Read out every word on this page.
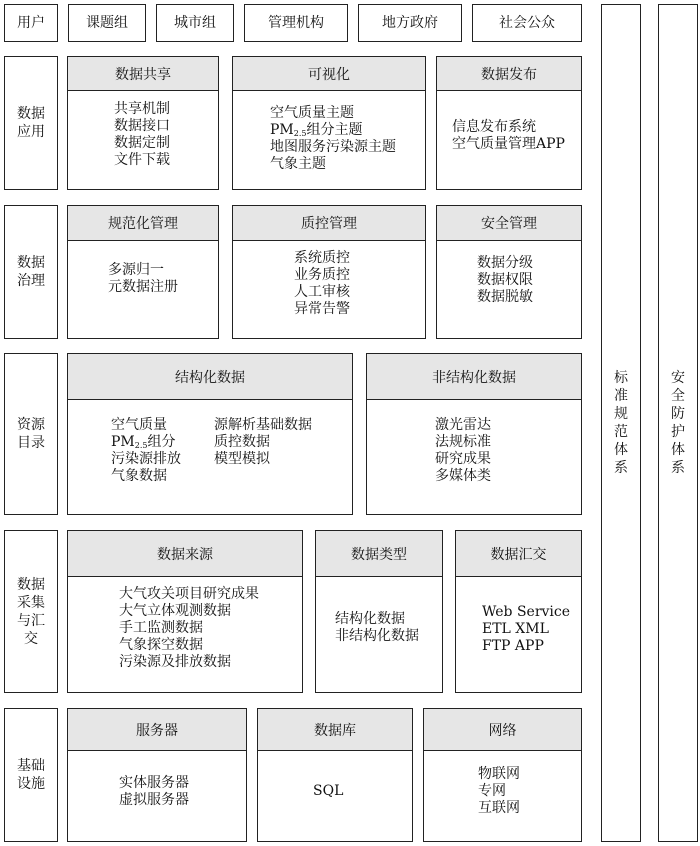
用户	课题组	城市组	管理机构	地方政府	社会公众
标
准
规
范
体
系
安
全
防
护
体
系
数据
应用
数据共享
共享机制
数据接口
数据定制
文件下载
可视化
空气质量主题
$PM_{2.5}$组分主题
地图服务污染源主题
气象主题
数据发布
信息发布系统
空气质量管理APP
数据
治理
规范化管理
多源归一
元数据注册
质控管理
系统质控
业务质控
人工审核
异常告警
安全管理
数据分级
数据权限
数据脱敏
资源
目录
结构化数据
空气质量
$PM_{2.5}$组分
污染源排放
气象数据
源解析基础数据
质控数据
模型模拟
非结构化数据
激光雷达
法规标准
研究成果
多媒体类
数据
采集
与汇
交
数据来源
大气攻关项目研究成果
大气立体观测数据
手工监测数据
气象探空数据
污染源及排放数据
数据类型
结构化数据
非结构化数据
数据汇交
Web Service
ETL XML
FTP APP
基础
设施
服务器
实体服务器
虚拟服务器
数据库
SQL
网络
物联网
专网
互联网
